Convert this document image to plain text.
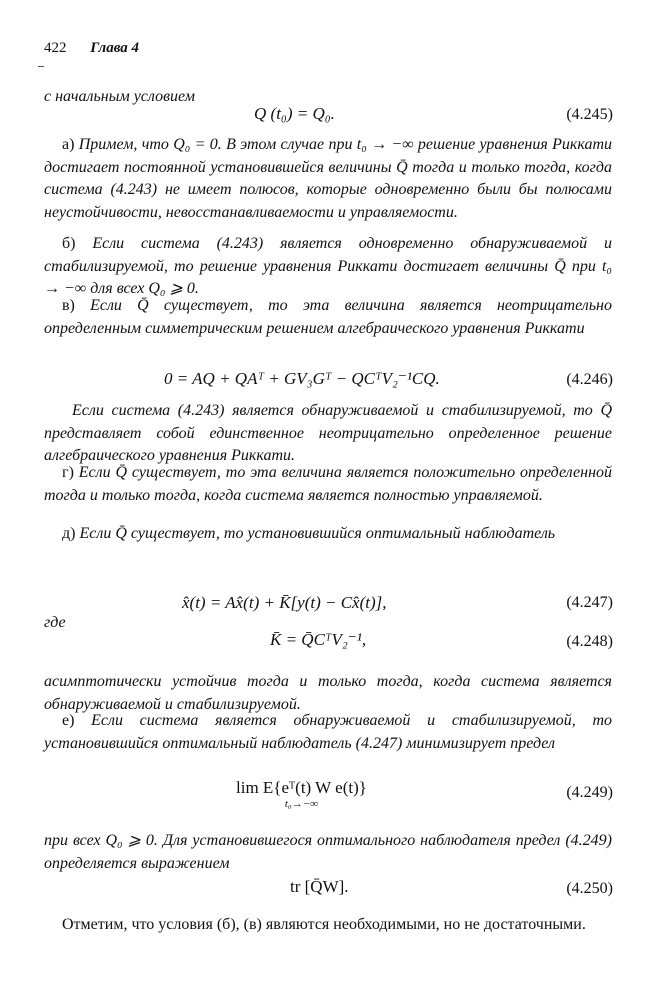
422 Глава 4
с начальным условием
Q (t₀) = Q₀.	(4.245)
а) Примем, что Q₀ = 0. В этом случае при t₀ → −∞ решение уравнения Риккати достигает постоянной установившейся величины Q̄ тогда и только тогда, когда система (4.243) не имеет полюсов, которые одновременно были бы полюсами неустойчивости, невосстанавливаемости и управляемости.
б) Если система (4.243) является одновременно обнаруживаемой и стабилизируемой, то решение уравнения Риккати достигает величины Q̄ при t₀ → −∞ для всех Q₀ ⩾ 0.
в) Если Q̄ существует, то эта величина является неотрицательно определенным симметрическим решением алгебраического уравнения Риккати
0 = AQ + QAᵀ + GV₃Gᵀ − QCᵀV₂⁻¹CQ.	(4.246)
Если система (4.243) является обнаруживаемой и стабилизируемой, то Q̄ представляет собой единственное неотрицательно определенное решение алгебраического уравнения Риккати.
г) Если Q̄ существует, то эта величина является положительно определенной тогда и только тогда, когда система является полностью управляемой.
д) Если Q̄ существует, то установившийся оптимальный наблюдатель
x̂(t) = Ax̂(t) + K̄[y(t) − Cx̂(t)],	(4.247)
где
K̄ = Q̄CᵀV₂⁻¹,	(4.248)
асимптотически устойчив тогда и только тогда, когда система является обнаруживаемой и стабилизируемой.
е) Если система является обнаруживаемой и стабилизируемой, то установившийся оптимальный наблюдатель (4.247) минимизирует предел
lim E{eᵀ(t) W e(t)}
t₀→−∞
(4.249)
при всех Q₀ ⩾ 0. Для установившегося оптимального наблюдателя предел (4.249) определяется выражением
tr [Q̄W].	(4.250)
Отметим, что условия (б), (в) являются необходимыми, но не достаточными.
